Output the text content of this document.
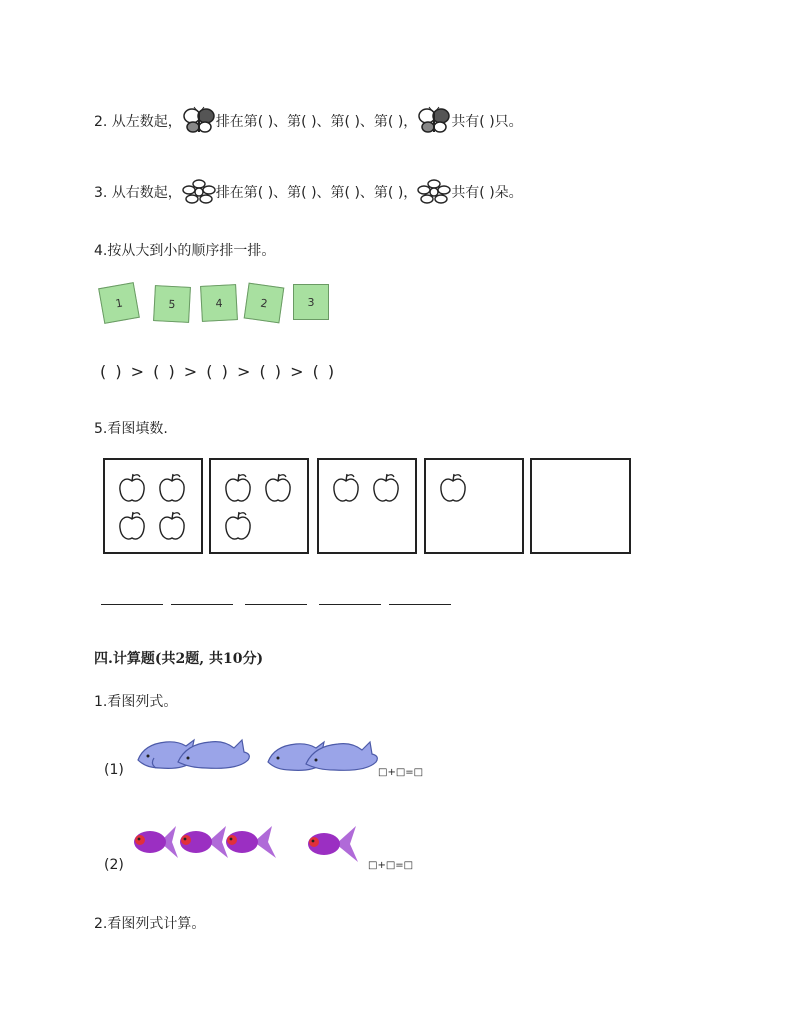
2. 从左数起， 排在第( )、第( )、第( )、第( )， 共有( )只。
3. 从右数起， 排在第( )、第( )、第( )、第( )， 共有( )朵。
4.按从大到小的顺序排一排。
1	5	4	2	3
( ) > ( ) > ( ) > ( ) > ( )
5.看图填数.
四.计算题(共2题, 共10分)
1.看图列式。
(1)	□+□=□
(2)	□+□=□
2.看图列式计算。
